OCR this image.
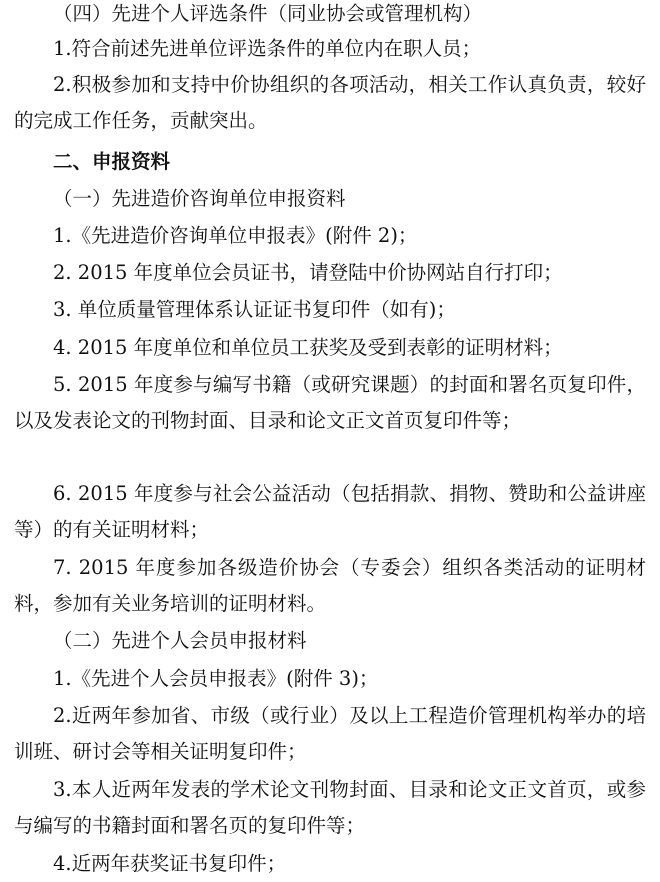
（四）先进个人评选条件（同业协会或管理机构）

1.符合前述先进单位评选条件的单位内在职人员；

2.积极参加和支持中价协组织的各项活动，相关工作认真负责，较好的完成工作任务，贡献突出。

二、申报资料

（一）先进造价咨询单位申报资料

1.《先进造价咨询单位申报表》(附件 2)；

2. 2015 年度单位会员证书，请登陆中价协网站自行打印；

3. 单位质量管理体系认证证书复印件（如有)；

4. 2015 年度单位和单位员工获奖及受到表彰的证明材料；

5. 2015 年度参与编写书籍（或研究课题）的封面和署名页复印件，以及发表论文的刊物封面、目录和论文正文首页复印件等；

6. 2015 年度参与社会公益活动（包括捐款、捐物、赞助和公益讲座等）的有关证明材料；

7. 2015 年度参加各级造价协会（专委会）组织各类活动的证明材料，参加有关业务培训的证明材料。

（二）先进个人会员申报材料

1.《先进个人会员申报表》(附件 3)；

2.近两年参加省、市级（或行业）及以上工程造价管理机构举办的培训班、研讨会等相关证明复印件；

3.本人近两年发表的学术论文刊物封面、目录和论文正文首页，或参与编写的书籍封面和署名页的复印件等；

4.近两年获奖证书复印件；
